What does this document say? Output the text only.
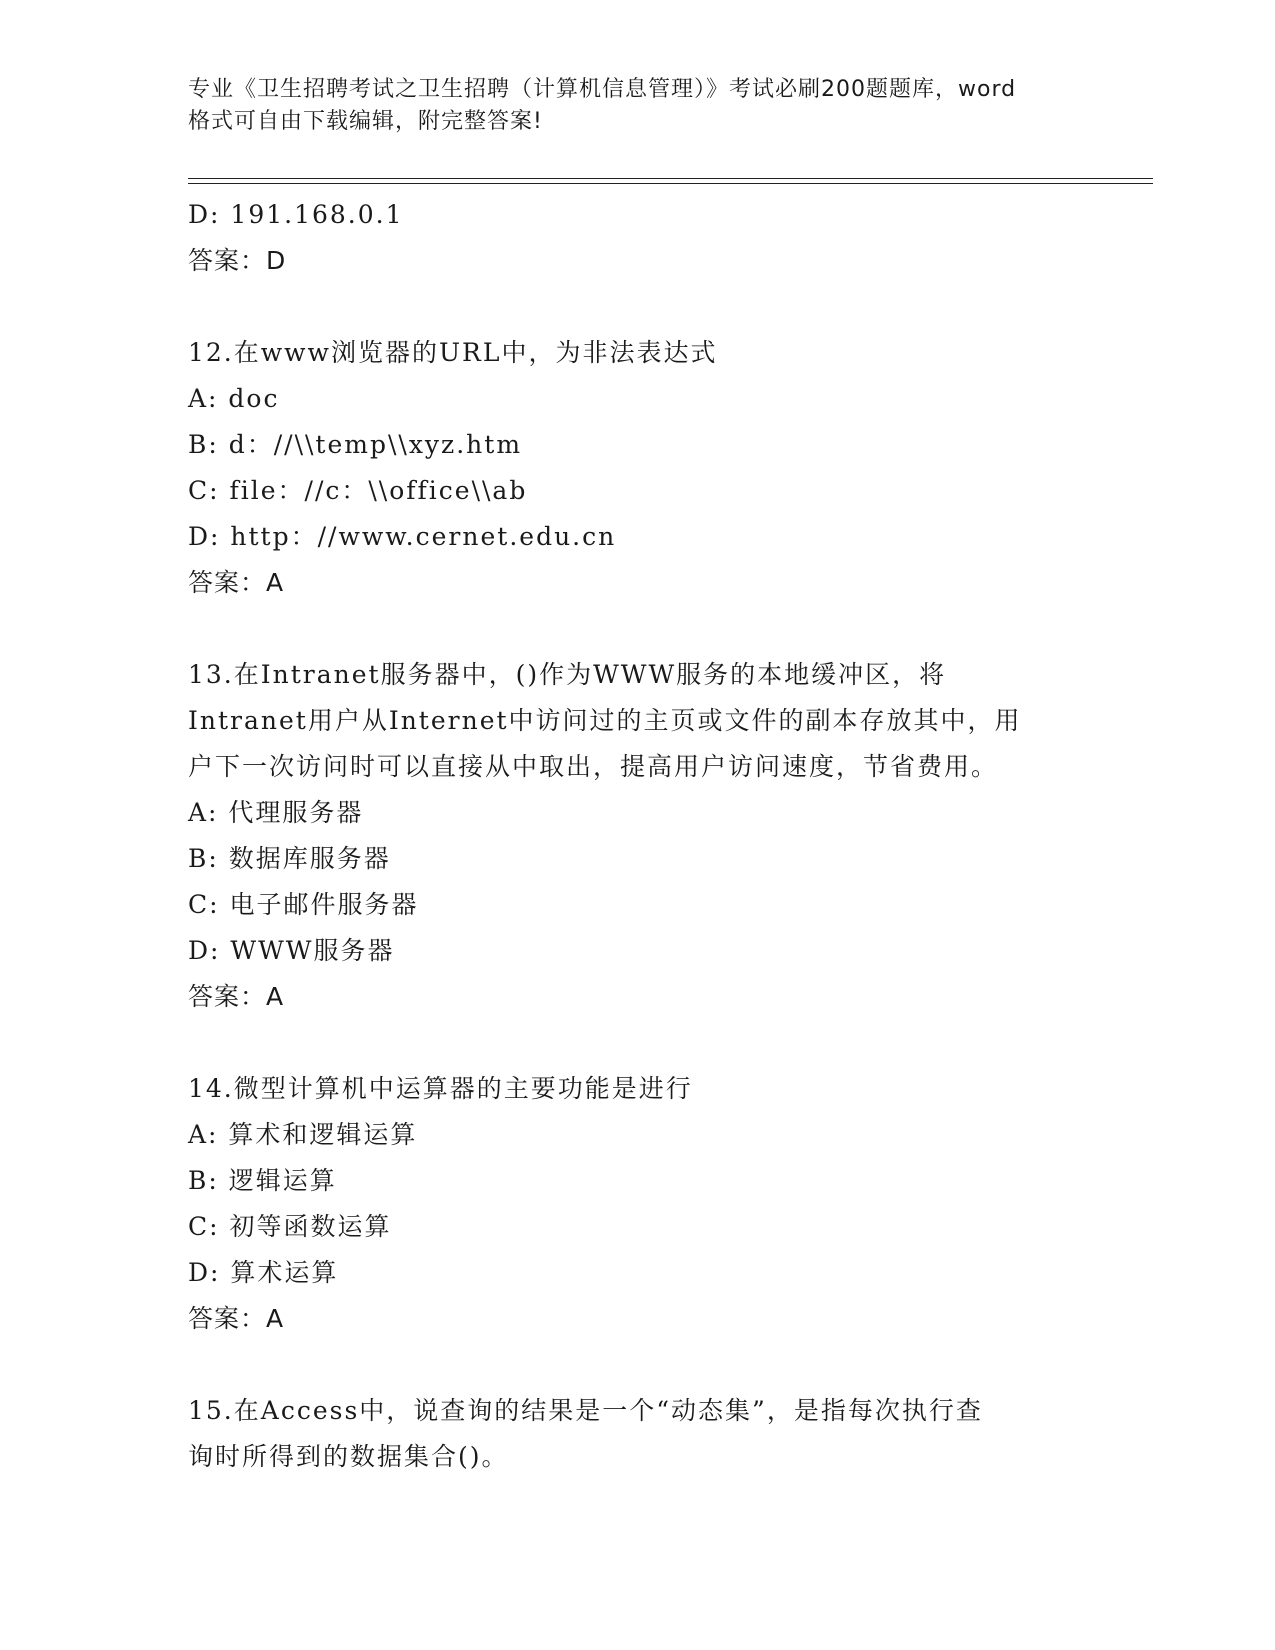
专业《卫生招聘考试之卫生招聘（计算机信息管理）》考试必刷200题题库，word
格式可自由下载编辑，附完整答案!
D: 191.168.0.1
答案：D
12.在www浏览器的URL中，为非法表达式
A: doc
B: d：//\\temp\\xyz.htm
C: file：//c：\\office\\ab
D: http：//www.cernet.edu.cn
答案：A
13.在Intranet服务器中，()作为WWW服务的本地缓冲区，将
Intranet用户从Internet中访问过的主页或文件的副本存放其中，用
户下一次访问时可以直接从中取出，提高用户访问速度，节省费用。
A: 代理服务器
B: 数据库服务器
C: 电子邮件服务器
D: WWW服务器
答案：A
14.微型计算机中运算器的主要功能是进行
A: 算术和逻辑运算
B: 逻辑运算
C: 初等函数运算
D: 算术运算
答案：A
15.在Access中，说查询的结果是一个“动态集”，是指每次执行查
询时所得到的数据集合()。
